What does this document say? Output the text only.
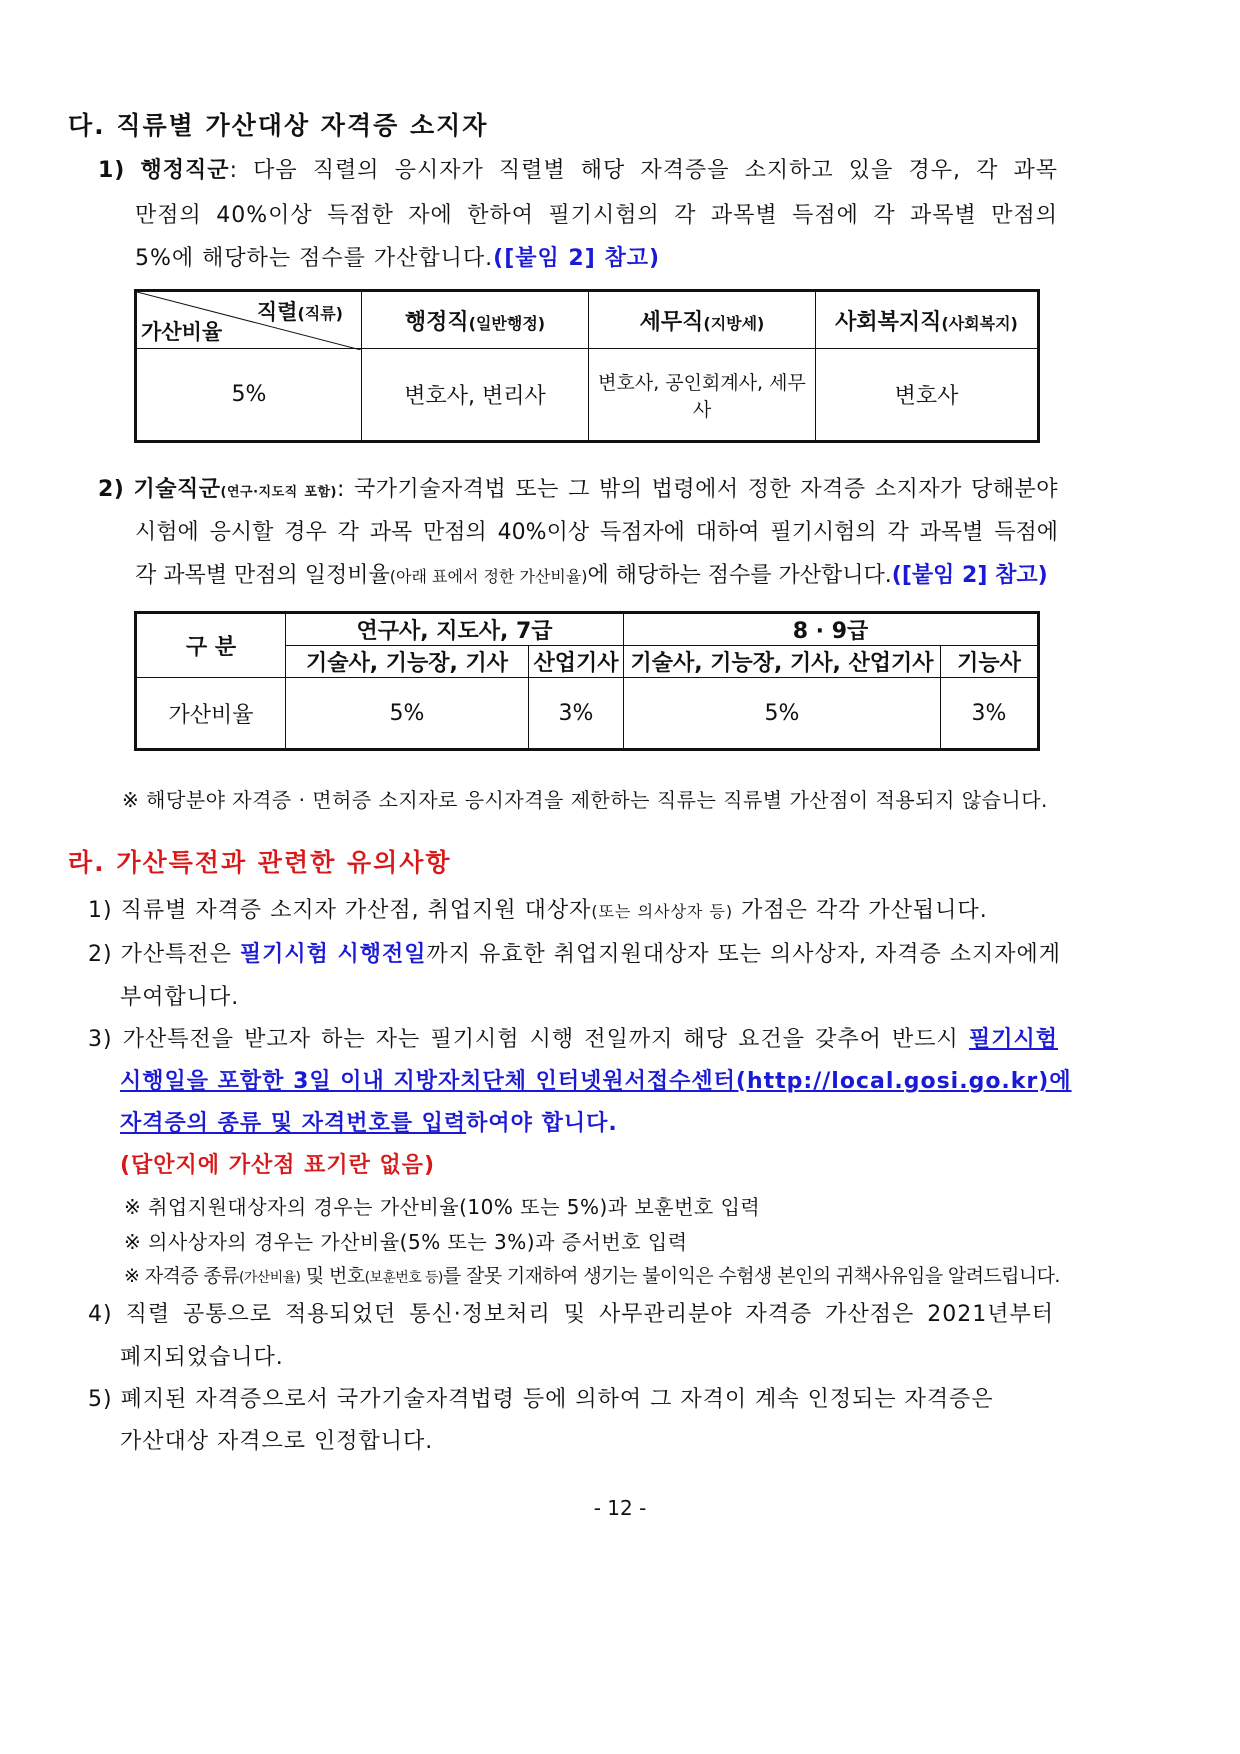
다. 직류별 가산대상 자격증 소지자
1) 행정직군: 다음 직렬의 응시자가 직렬별 해당 자격증을 소지하고 있을 경우, 각 과목
만점의 40%이상 득점한 자에 한하여 필기시험의 각 과목별 득점에 각 과목별 만점의
5%에 해당하는 점수를 가산합니다.([붙임 2] 참고)
직렬(직류)
가산비율	행정직(일반행정)	세무직(지방세)	사회복지직(사회복지)
5%	변호사, 변리사	변호사, 공인회계사, 세무사	변호사
2) 기술직군(연구·지도직 포함): 국가기술자격법 또는 그 밖의 법령에서 정한 자격증 소지자가 당해분야
시험에 응시할 경우 각 과목 만점의 40%이상 득점자에 대하여 필기시험의 각 과목별 득점에
각 과목별 만점의 일정비율(아래 표에서 정한 가산비율)에 해당하는 점수를 가산합니다.([붙임 2] 참고)
구 분	연구사, 지도사, 7급		8 · 9급	
	기술사, 기능장, 기사	산업기사	기술사, 기능장, 기사, 산업기사	기능사
가산비율	5%	3%	5%	3%
※ 해당분야 자격증 · 면허증 소지자로 응시자격을 제한하는 직류는 직류별 가산점이 적용되지 않습니다.
라. 가산특전과 관련한 유의사항
1) 직류별 자격증 소지자 가산점, 취업지원 대상자(또는 의사상자 등) 가점은 각각 가산됩니다.
2) 가산특전은 필기시험 시행전일까지 유효한 취업지원대상자 또는 의사상자, 자격증 소지자에게
부여합니다.
3) 가산특전을 받고자 하는 자는 필기시험 시행 전일까지 해당 요건을 갖추어 반드시 필기시험
시행일을 포함한 3일 이내 지방자치단체 인터넷원서접수센터(http://local.gosi.go.kr)에
자격증의 종류 및 자격번호를 입력하여야 합니다.
(답안지에 가산점 표기란 없음)
※ 취업지원대상자의 경우는 가산비율(10% 또는 5%)과 보훈번호 입력
※ 의사상자의 경우는 가산비율(5% 또는 3%)과 증서번호 입력
※ 자격증 종류(가산비율) 및 번호(보훈번호 등)를 잘못 기재하여 생기는 불이익은 수험생 본인의 귀책사유임을 알려드립니다.
4) 직렬 공통으로 적용되었던 통신·정보처리 및 사무관리분야 자격증 가산점은 2021년부터
폐지되었습니다.
5) 폐지된 자격증으로서 국가기술자격법령 등에 의하여 그 자격이 계속 인정되는 자격증은
가산대상 자격으로 인정합니다.
- 12 -
